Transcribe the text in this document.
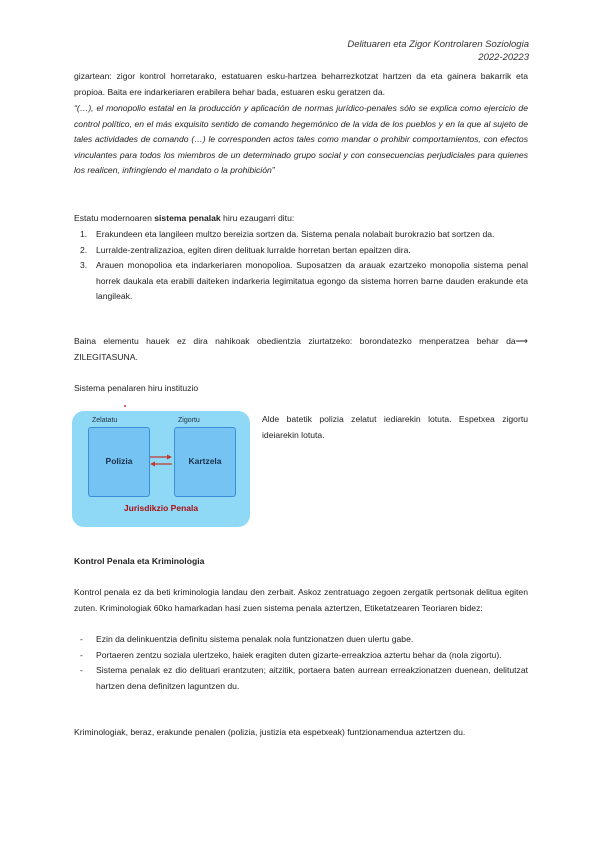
Delituaren eta Zigor Kontrolaren Soziologia
2022-20223
gizartean: zigor kontrol horretarako, estatuaren esku-hartzea beharrezkotzat hartzen da eta gainera bakarrik eta propioa. Baita ere indarkeriaren erabilera behar bada, estuaren esku geratzen da.
“(…), el monopolio estatal en la producción y aplicación de normas jurídico-penales sólo se explica como ejercicio de control político, en el más exquisito sentido de comando hegemónico de la vida de los pueblos y en la que al sujeto de tales actividades de comando (…) le corresponden actos tales como mandar o prohibir comportamientos, con efectos vinculantes para todos los miembros de un determinado grupo social y con consecuencias perjudiciales para quienes los realicen, infringiendo el mandato o la prohibición”
Estatu modernoaren sistema penalak hiru ezaugarri ditu:
1. Erakundeen eta langileen multzo bereizia sortzen da. Sistema penala nolabait burokrazio bat sortzen da.
2. Lurralde-zentralizazioa, egiten diren delituak lurralde horretan bertan epaitzen dira.
3. Arauen monopolioa eta indarkeriaren monopolioa. Suposatzen da arauak ezartzeko monopolia sistema penal horrek daukala eta erabili daiteken indarkeria legimitatua egongo da sistema horren barne dauden erakunde eta langileak.
Baina elementu hauek ez dira nahikoak obedientzia ziurtatzeko: borondatezko menperatzea behar da⟶ ZILEGITASUNA.
Sistema penalaren hiru instituzio
Zelatatu
Polizia
Zigortu
Kartzela
Jurisdikzio Penala
Alde batetik polizia zelatut iediarekin lotuta. Espetxea zigortu ideiarekin lotuta.
Kontrol Penala eta Kriminologia
Kontrol penala ez da beti kriminologia landau den zerbait. Askoz zentratuago zegoen zergatik pertsonak delitua egiten zuten. Kriminologiak 60ko hamarkadan hasi zuen sistema penala aztertzen, Etiketatzearen Teoriaren bidez:
- Ezin da delinkuentzia definitu sistema penalak nola funtzionatzen duen ulertu gabe.
- Portaeren zentzu soziala ulertzeko, haiek eragiten duten gizarte-erreakzioa aztertu behar da (nola zigortu).
- Sistema penalak ez dio delituari erantzuten; aitzitik, portaera baten aurrean erreakzionatzen duenean, delitutzat hartzen dena definitzen laguntzen du.
Kriminologiak, beraz, erakunde penalen (polizia, justizia eta espetxeak) funtzionamendua aztertzen du.
